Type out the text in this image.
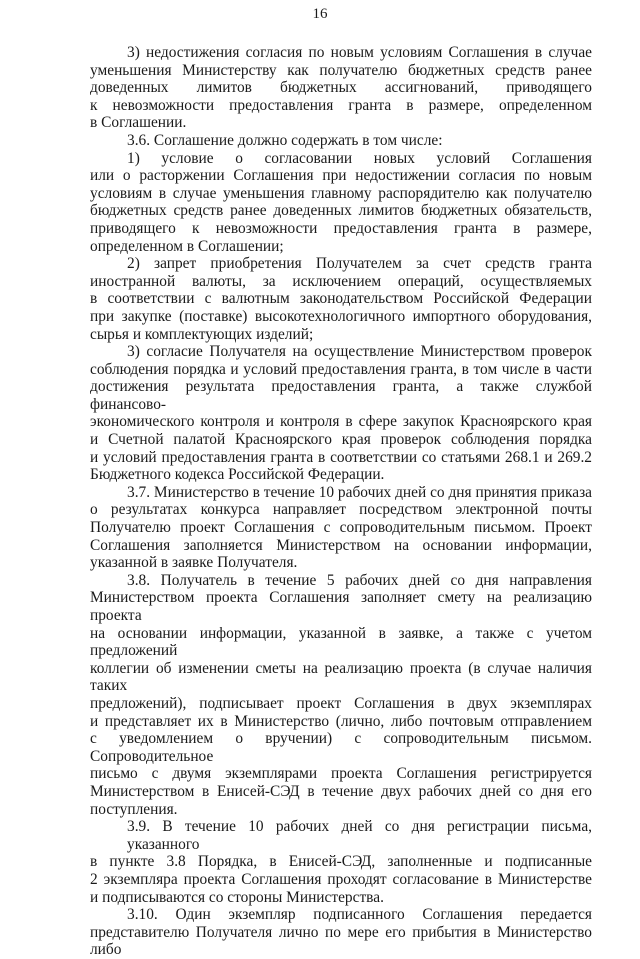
16

3) недостижения согласия по новым условиям Соглашения в случае
уменьшения Министерству как получателю бюджетных средств ранее
доведенных лимитов бюджетных ассигнований, приводящего
к невозможности предоставления гранта в размере, определенном
в Соглашении.

3.6. Соглашение должно содержать в том числе:

1) условие о согласовании новых условий Соглашения
или о расторжении Соглашения при недостижении согласия по новым
условиям в случае уменьшения главному распорядителю как получателю
бюджетных средств ранее доведенных лимитов бюджетных обязательств,
приводящего к невозможности предоставления гранта в размере,
определенном в Соглашении;

2) запрет приобретения Получателем за счет средств гранта
иностранной валюты, за исключением операций, осуществляемых
в соответствии с валютным законодательством Российской Федерации
при закупке (поставке) высокотехнологичного импортного оборудования,
сырья и комплектующих изделий;

3) согласие Получателя на осуществление Министерством проверок
соблюдения порядка и условий предоставления гранта, в том числе в части
достижения результата предоставления гранта, а также службой финансово-
экономического контроля и контроля в сфере закупок Красноярского края
и Счетной палатой Красноярского края проверок соблюдения порядка
и условий предоставления гранта в соответствии со статьями 268.1 и 269.2
Бюджетного кодекса Российской Федерации.

3.7. Министерство в течение 10 рабочих дней со дня принятия приказа
о результатах конкурса направляет посредством электронной почты
Получателю проект Соглашения с сопроводительным письмом. Проект
Соглашения заполняется Министерством на основании информации,
указанной в заявке Получателя.

3.8. Получатель в течение 5 рабочих дней со дня направления
Министерством проекта Соглашения заполняет смету на реализацию проекта
на основании информации, указанной в заявке, а также с учетом предложений
коллегии об изменении сметы на реализацию проекта (в случае наличия таких
предложений), подписывает проект Соглашения в двух экземплярах
и представляет их в Министерство (лично, либо почтовым отправлением
с уведомлением о вручении) с сопроводительным письмом. Сопроводительное
письмо с двумя экземплярами проекта Соглашения регистрируется
Министерством в Енисей-СЭД в течение двух рабочих дней со дня его
поступления.

3.9. В течение 10 рабочих дней со дня регистрации письма, указанного
в пункте 3.8 Порядка, в Енисей-СЭД, заполненные и подписанные
2 экземпляра проекта Соглашения проходят согласование в Министерстве
и подписываются со стороны Министерства.

3.10. Один экземпляр подписанного Соглашения передается
представителю Получателя лично по мере его прибытия в Министерство либо
